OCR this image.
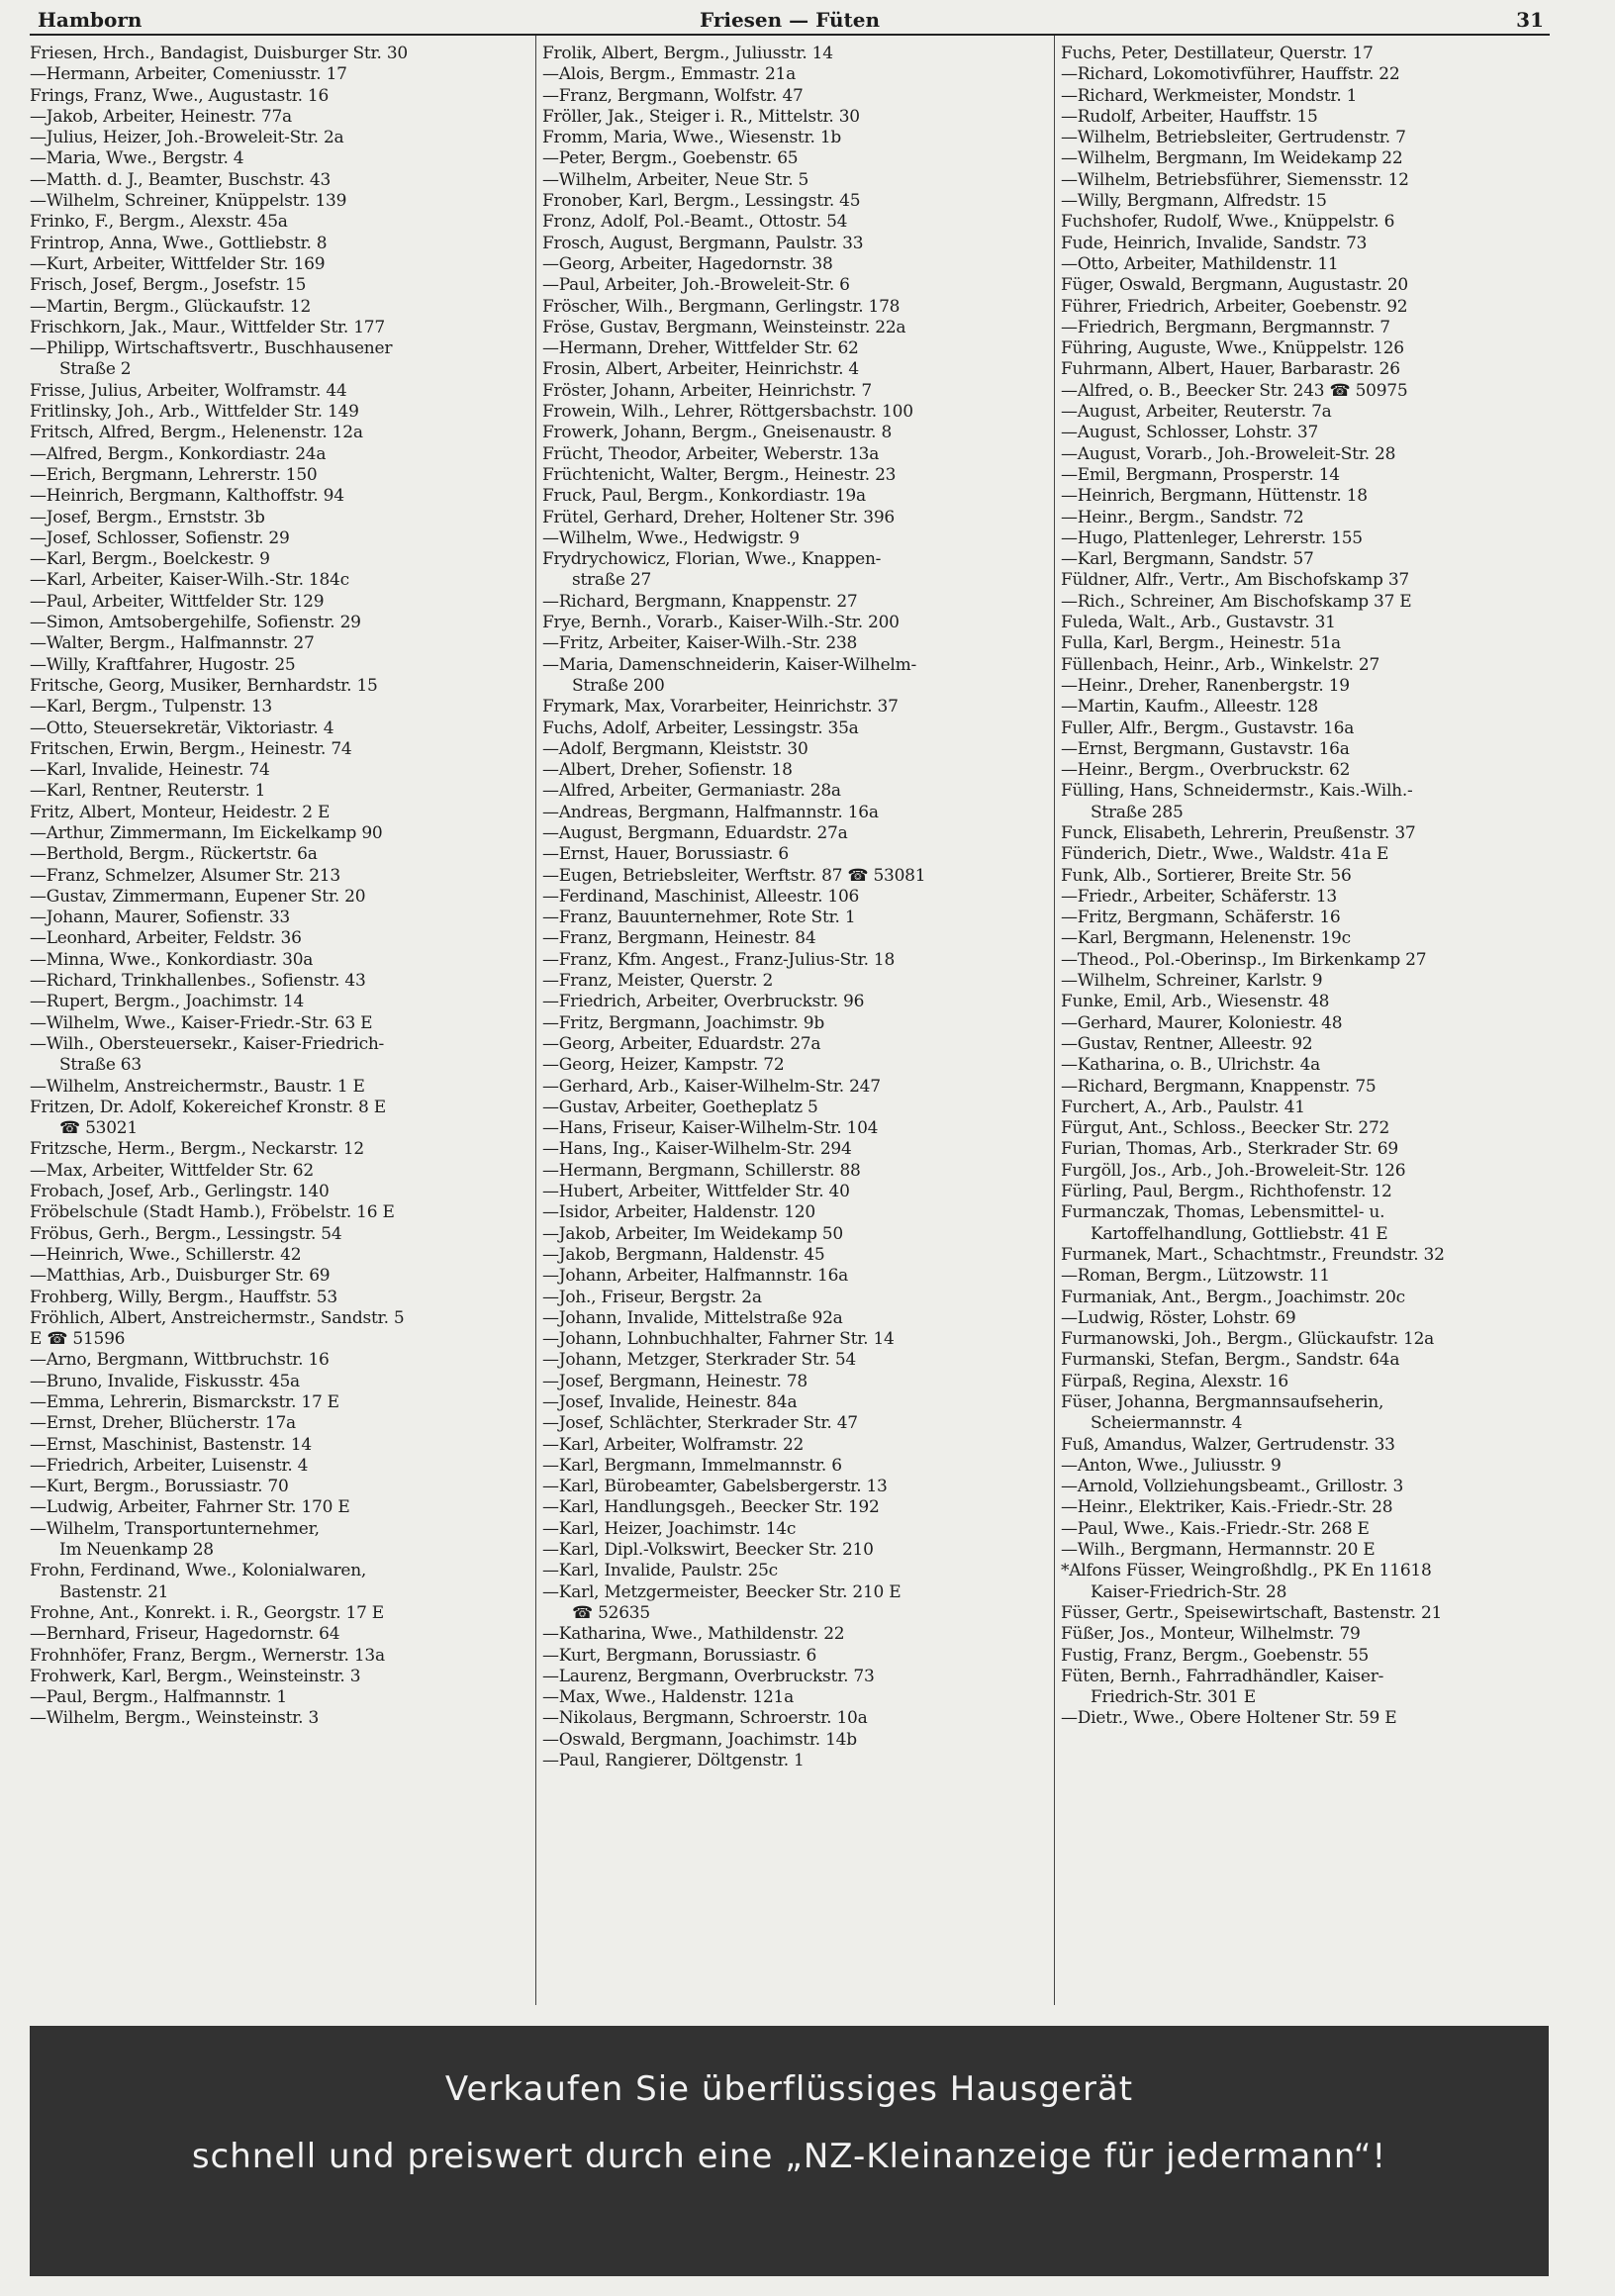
Hamborn	Friesen — Füten	31
Friesen, Hrch., Bandagist, Duisburger Str. 30
—Hermann, Arbeiter, Comeniusstr. 17
Frings, Franz, Wwe., Augustastr. 16
—Jakob, Arbeiter, Heinestr. 77a
—Julius, Heizer, Joh.-Broweleit-Str. 2a
—Maria, Wwe., Bergstr. 4
—Matth. d. J., Beamter, Buschstr. 43
—Wilhelm, Schreiner, Knüppelstr. 139
Frinko, F., Bergm., Alexstr. 45a
Frintrop, Anna, Wwe., Gottliebstr. 8
—Kurt, Arbeiter, Wittfelder Str. 169
Frisch, Josef, Bergm., Josefstr. 15
—Martin, Bergm., Glückaufstr. 12
Frischkorn, Jak., Maur., Wittfelder Str. 177
—Philipp, Wirtschaftsvertr., Buschhausener
Straße 2
Frisse, Julius, Arbeiter, Wolframstr. 44
Fritlinsky, Joh., Arb., Wittfelder Str. 149
Fritsch, Alfred, Bergm., Helenenstr. 12a
—Alfred, Bergm., Konkordiastr. 24a
—Erich, Bergmann, Lehrerstr. 150
—Heinrich, Bergmann, Kalthoffstr. 94
—Josef, Bergm., Ernststr. 3b
—Josef, Schlosser, Sofienstr. 29
—Karl, Bergm., Boelckestr. 9
—Karl, Arbeiter, Kaiser-Wilh.-Str. 184c
—Paul, Arbeiter, Wittfelder Str. 129
—Simon, Amtsobergehilfe, Sofienstr. 29
—Walter, Bergm., Halfmannstr. 27
—Willy, Kraftfahrer, Hugostr. 25
Fritsche, Georg, Musiker, Bernhardstr. 15
—Karl, Bergm., Tulpenstr. 13
—Otto, Steuersekretär, Viktoriastr. 4
Fritschen, Erwin, Bergm., Heinestr. 74
—Karl, Invalide, Heinestr. 74
—Karl, Rentner, Reuterstr. 1
Fritz, Albert, Monteur, Heidestr. 2 E
—Arthur, Zimmermann, Im Eickelkamp 90
—Berthold, Bergm., Rückertstr. 6a
—Franz, Schmelzer, Alsumer Str. 213
—Gustav, Zimmermann, Eupener Str. 20
—Johann, Maurer, Sofienstr. 33
—Leonhard, Arbeiter, Feldstr. 36
—Minna, Wwe., Konkordiastr. 30a
—Richard, Trinkhallenbes., Sofienstr. 43
—Rupert, Bergm., Joachimstr. 14
—Wilhelm, Wwe., Kaiser-Friedr.-Str. 63 E
—Wilh., Obersteuersekr., Kaiser-Friedrich-
Straße 63
—Wilhelm, Anstreichermstr., Baustr. 1 E
Fritzen, Dr. Adolf, Kokereichef Kronstr. 8 E
☎ 53021
Fritzsche, Herm., Bergm., Neckarstr. 12
—Max, Arbeiter, Wittfelder Str. 62
Frobach, Josef, Arb., Gerlingstr. 140
Fröbelschule (Stadt Hamb.), Fröbelstr. 16 E
Fröbus, Gerh., Bergm., Lessingstr. 54
—Heinrich, Wwe., Schillerstr. 42
—Matthias, Arb., Duisburger Str. 69
Frohberg, Willy, Bergm., Hauffstr. 53
Fröhlich, Albert, Anstreichermstr., Sandstr. 5
E ☎ 51596
—Arno, Bergmann, Wittbruchstr. 16
—Bruno, Invalide, Fiskusstr. 45a
—Emma, Lehrerin, Bismarckstr. 17 E
—Ernst, Dreher, Blücherstr. 17a
—Ernst, Maschinist, Bastenstr. 14
—Friedrich, Arbeiter, Luisenstr. 4
—Kurt, Bergm., Borussiastr. 70
—Ludwig, Arbeiter, Fahrner Str. 170 E
—Wilhelm, Transportunternehmer,
Im Neuenkamp 28
Frohn, Ferdinand, Wwe., Kolonialwaren,
Bastenstr. 21
Frohne, Ant., Konrekt. i. R., Georgstr. 17 E
—Bernhard, Friseur, Hagedornstr. 64
Frohnhöfer, Franz, Bergm., Wernerstr. 13a
Frohwerk, Karl, Bergm., Weinsteinstr. 3
—Paul, Bergm., Halfmannstr. 1
—Wilhelm, Bergm., Weinsteinstr. 3
Frolik, Albert, Bergm., Juliusstr. 14
—Alois, Bergm., Emmastr. 21a
—Franz, Bergmann, Wolfstr. 47
Fröller, Jak., Steiger i. R., Mittelstr. 30
Fromm, Maria, Wwe., Wiesenstr. 1b
—Peter, Bergm., Goebenstr. 65
—Wilhelm, Arbeiter, Neue Str. 5
Fronober, Karl, Bergm., Lessingstr. 45
Fronz, Adolf, Pol.-Beamt., Ottostr. 54
Frosch, August, Bergmann, Paulstr. 33
—Georg, Arbeiter, Hagedornstr. 38
—Paul, Arbeiter, Joh.-Broweleit-Str. 6
Fröscher, Wilh., Bergmann, Gerlingstr. 178
Fröse, Gustav, Bergmann, Weinsteinstr. 22a
—Hermann, Dreher, Wittfelder Str. 62
Frosin, Albert, Arbeiter, Heinrichstr. 4
Fröster, Johann, Arbeiter, Heinrichstr. 7
Frowein, Wilh., Lehrer, Röttgersbachstr. 100
Frowerk, Johann, Bergm., Gneisenaustr. 8
Frücht, Theodor, Arbeiter, Weberstr. 13a
Früchtenicht, Walter, Bergm., Heinestr. 23
Fruck, Paul, Bergm., Konkordiastr. 19a
Frütel, Gerhard, Dreher, Holtener Str. 396
—Wilhelm, Wwe., Hedwigstr. 9
Frydrychowicz, Florian, Wwe., Knappen-
straße 27
—Richard, Bergmann, Knappenstr. 27
Frye, Bernh., Vorarb., Kaiser-Wilh.-Str. 200
—Fritz, Arbeiter, Kaiser-Wilh.-Str. 238
—Maria, Damenschneiderin, Kaiser-Wilhelm-
Straße 200
Frymark, Max, Vorarbeiter, Heinrichstr. 37
Fuchs, Adolf, Arbeiter, Lessingstr. 35a
—Adolf, Bergmann, Kleiststr. 30
—Albert, Dreher, Sofienstr. 18
—Alfred, Arbeiter, Germaniastr. 28a
—Andreas, Bergmann, Halfmannstr. 16a
—August, Bergmann, Eduardstr. 27a
—Ernst, Hauer, Borussiastr. 6
—Eugen, Betriebsleiter, Werftstr. 87 ☎ 53081
—Ferdinand, Maschinist, Alleestr. 106
—Franz, Bauunternehmer, Rote Str. 1
—Franz, Bergmann, Heinestr. 84
—Franz, Kfm. Angest., Franz-Julius-Str. 18
—Franz, Meister, Querstr. 2
—Friedrich, Arbeiter, Overbruckstr. 96
—Fritz, Bergmann, Joachimstr. 9b
—Georg, Arbeiter, Eduardstr. 27a
—Georg, Heizer, Kampstr. 72
—Gerhard, Arb., Kaiser-Wilhelm-Str. 247
—Gustav, Arbeiter, Goetheplatz 5
—Hans, Friseur, Kaiser-Wilhelm-Str. 104
—Hans, Ing., Kaiser-Wilhelm-Str. 294
—Hermann, Bergmann, Schillerstr. 88
—Hubert, Arbeiter, Wittfelder Str. 40
—Isidor, Arbeiter, Haldenstr. 120
—Jakob, Arbeiter, Im Weidekamp 50
—Jakob, Bergmann, Haldenstr. 45
—Johann, Arbeiter, Halfmannstr. 16a
—Joh., Friseur, Bergstr. 2a
—Johann, Invalide, Mittelstraße 92a
—Johann, Lohnbuchhalter, Fahrner Str. 14
—Johann, Metzger, Sterkrader Str. 54
—Josef, Bergmann, Heinestr. 78
—Josef, Invalide, Heinestr. 84a
—Josef, Schlächter, Sterkrader Str. 47
—Karl, Arbeiter, Wolframstr. 22
—Karl, Bergmann, Immelmannstr. 6
—Karl, Bürobeamter, Gabelsbergerstr. 13
—Karl, Handlungsgeh., Beecker Str. 192
—Karl, Heizer, Joachimstr. 14c
—Karl, Dipl.-Volkswirt, Beecker Str. 210
—Karl, Invalide, Paulstr. 25c
—Karl, Metzgermeister, Beecker Str. 210 E
☎ 52635
—Katharina, Wwe., Mathildenstr. 22
—Kurt, Bergmann, Borussiastr. 6
—Laurenz, Bergmann, Overbruckstr. 73
—Max, Wwe., Haldenstr. 121a
—Nikolaus, Bergmann, Schroerstr. 10a
—Oswald, Bergmann, Joachimstr. 14b
—Paul, Rangierer, Döltgenstr. 1
Fuchs, Peter, Destillateur, Querstr. 17
—Richard, Lokomotivführer, Hauffstr. 22
—Richard, Werkmeister, Mondstr. 1
—Rudolf, Arbeiter, Hauffstr. 15
—Wilhelm, Betriebsleiter, Gertrudenstr. 7
—Wilhelm, Bergmann, Im Weidekamp 22
—Wilhelm, Betriebsführer, Siemensstr. 12
—Willy, Bergmann, Alfredstr. 15
Fuchshofer, Rudolf, Wwe., Knüppelstr. 6
Fude, Heinrich, Invalide, Sandstr. 73
—Otto, Arbeiter, Mathildenstr. 11
Füger, Oswald, Bergmann, Augustastr. 20
Führer, Friedrich, Arbeiter, Goebenstr. 92
—Friedrich, Bergmann, Bergmannstr. 7
Führing, Auguste, Wwe., Knüppelstr. 126
Fuhrmann, Albert, Hauer, Barbarastr. 26
—Alfred, o. B., Beecker Str. 243 ☎ 50975
—August, Arbeiter, Reuterstr. 7a
—August, Schlosser, Lohstr. 37
—August, Vorarb., Joh.-Broweleit-Str. 28
—Emil, Bergmann, Prosperstr. 14
—Heinrich, Bergmann, Hüttenstr. 18
—Heinr., Bergm., Sandstr. 72
—Hugo, Plattenleger, Lehrerstr. 155
—Karl, Bergmann, Sandstr. 57
Füldner, Alfr., Vertr., Am Bischofskamp 37
—Rich., Schreiner, Am Bischofskamp 37 E
Fuleda, Walt., Arb., Gustavstr. 31
Fulla, Karl, Bergm., Heinestr. 51a
Füllenbach, Heinr., Arb., Winkelstr. 27
—Heinr., Dreher, Ranenbergstr. 19
—Martin, Kaufm., Alleestr. 128
Fuller, Alfr., Bergm., Gustavstr. 16a
—Ernst, Bergmann, Gustavstr. 16a
—Heinr., Bergm., Overbruckstr. 62
Fülling, Hans, Schneidermstr., Kais.-Wilh.-
Straße 285
Funck, Elisabeth, Lehrerin, Preußenstr. 37
Fünderich, Dietr., Wwe., Waldstr. 41a E
Funk, Alb., Sortierer, Breite Str. 56
—Friedr., Arbeiter, Schäferstr. 13
—Fritz, Bergmann, Schäferstr. 16
—Karl, Bergmann, Helenenstr. 19c
—Theod., Pol.-Oberinsp., Im Birkenkamp 27
—Wilhelm, Schreiner, Karlstr. 9
Funke, Emil, Arb., Wiesenstr. 48
—Gerhard, Maurer, Koloniestr. 48
—Gustav, Rentner, Alleestr. 92
—Katharina, o. B., Ulrichstr. 4a
—Richard, Bergmann, Knappenstr. 75
Furchert, A., Arb., Paulstr. 41
Fürgut, Ant., Schloss., Beecker Str. 272
Furian, Thomas, Arb., Sterkrader Str. 69
Furgöll, Jos., Arb., Joh.-Broweleit-Str. 126
Fürling, Paul, Bergm., Richthofenstr. 12
Furmanczak, Thomas, Lebensmittel- u.
Kartoffelhandlung, Gottliebstr. 41 E
Furmanek, Mart., Schachtmstr., Freundstr. 32
—Roman, Bergm., Lützowstr. 11
Furmaniak, Ant., Bergm., Joachimstr. 20c
—Ludwig, Röster, Lohstr. 69
Furmanowski, Joh., Bergm., Glückaufstr. 12a
Furmanski, Stefan, Bergm., Sandstr. 64a
Fürpaß, Regina, Alexstr. 16
Füser, Johanna, Bergmannsaufseherin,
Scheiermannstr. 4
Fuß, Amandus, Walzer, Gertrudenstr. 33
—Anton, Wwe., Juliusstr. 9
—Arnold, Vollziehungsbeamt., Grillostr. 3
—Heinr., Elektriker, Kais.-Friedr.-Str. 28
—Paul, Wwe., Kais.-Friedr.-Str. 268 E
—Wilh., Bergmann, Hermannstr. 20 E
*Alfons Füsser, Weingroßhdlg., PK En 11618
Kaiser-Friedrich-Str. 28
Füsser, Gertr., Speisewirtschaft, Bastenstr. 21
Füßer, Jos., Monteur, Wilhelmstr. 79
Fustig, Franz, Bergm., Goebenstr. 55
Füten, Bernh., Fahrradhändler, Kaiser-
Friedrich-Str. 301 E
—Dietr., Wwe., Obere Holtener Str. 59 E
Verkaufen Sie überflüssiges Hausgerät
schnell und preiswert durch eine „NZ-Kleinanzeige für jedermann“!
